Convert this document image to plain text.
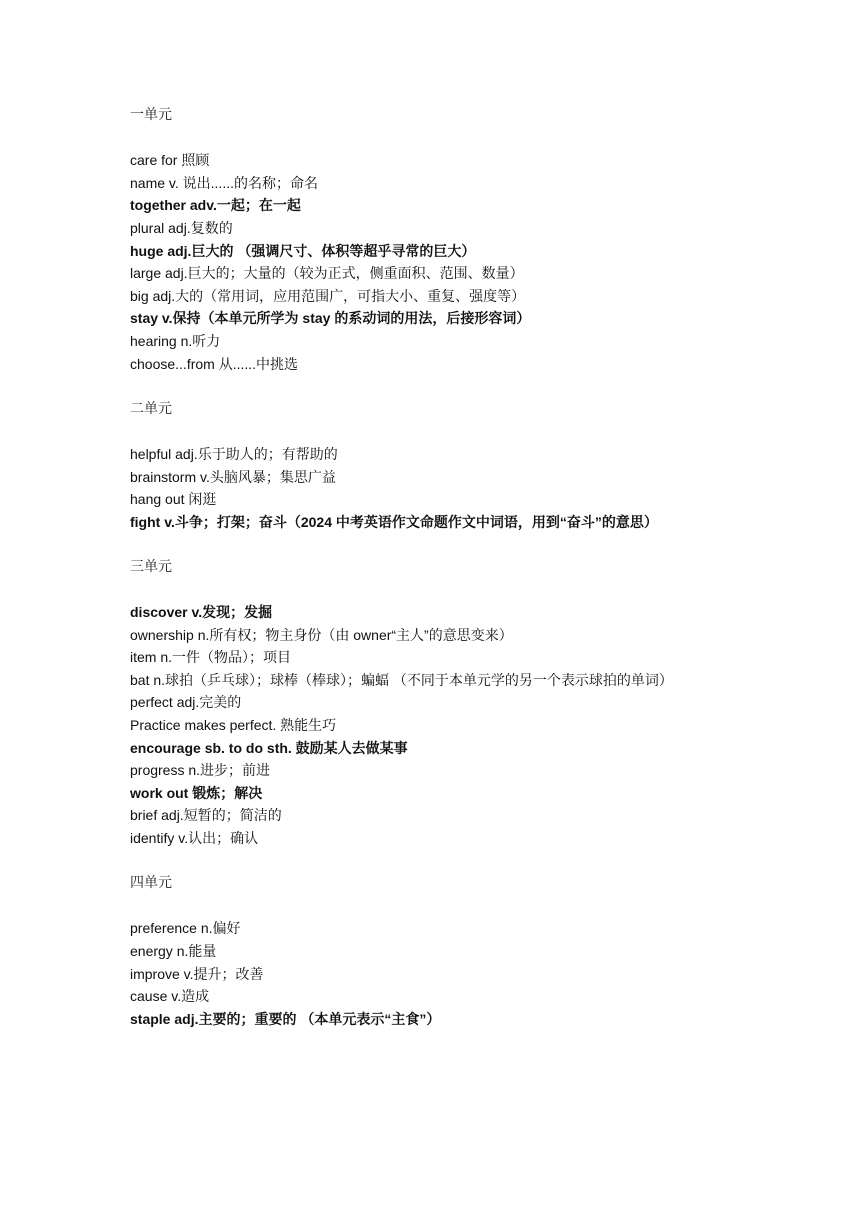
一单元
care for 照顾
name v. 说出......的名称；命名
together adv.一起；在一起
plural adj.复数的
huge adj.巨大的 （强调尺寸、体积等超乎寻常的巨大）
large adj.巨大的；大量的（较为正式，侧重面积、范围、数量）
big adj.大的（常用词，应用范围广，可指大小、重复、强度等）
stay v.保持（本单元所学为 stay 的系动词的用法，后接形容词）
hearing n.听力
choose...from 从......中挑选
二单元
helpful adj.乐于助人的；有帮助的
brainstorm v.头脑风暴；集思广益
hang out 闲逛
fight v.斗争；打架；奋斗（2024 中考英语作文命题作文中词语，用到“奋斗”的意思）
三单元
discover v.发现；发掘
ownership n.所有权；物主身份（由 owner“主人”的意思变来）
item n.一件（物品）；项目
bat n.球拍（乒乓球）；球棒（棒球）；蝙蝠 （不同于本单元学的另一个表示球拍的单词）
perfect adj.完美的
Practice makes perfect. 熟能生巧
encourage sb. to do sth. 鼓励某人去做某事
progress n.进步；前进
work out 锻炼；解决
brief adj.短暂的；简洁的
identify v.认出；确认
四单元
preference n.偏好
energy n.能量
improve v.提升；改善
cause v.造成
staple adj.主要的；重要的 （本单元表示“主食”）
